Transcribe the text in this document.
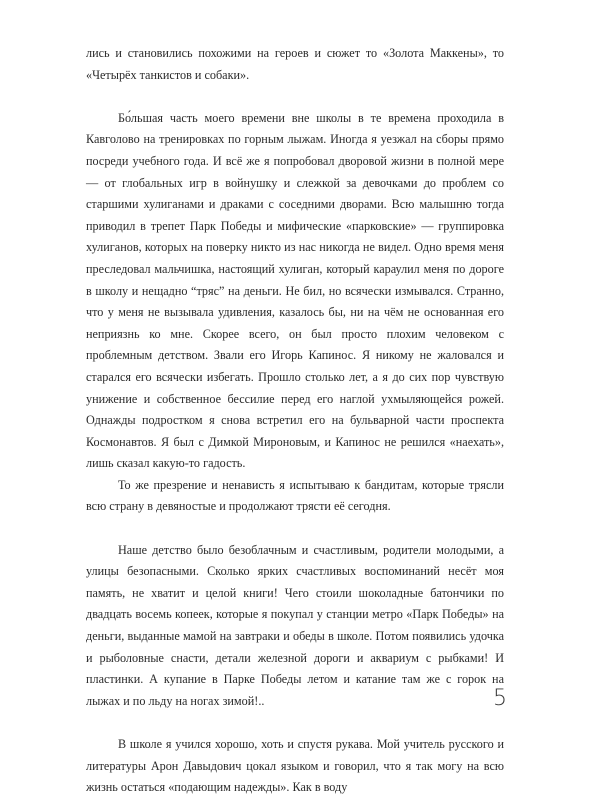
лись и становились похожими на героев и сюжет то «Золота Маккены», то «Четырёх танкистов и собаки».

Бо́льшая часть моего времени вне школы в те времена проходила в Кавголово на тренировках по горным лыжам. Иногда я уезжал на сборы прямо посреди учебного года. И всё же я попробовал дворовой жизни в полной мере — от глобальных игр в войнушку и слежкой за девочками до проблем со старшими хулиганами и драками с соседними дворами. Всю малышню тогда приводил в трепет Парк Победы и мифические «парковские» — группировка хулиганов, которых на поверку никто из нас никогда не видел. Одно время меня преследовал мальчишка, настоящий хулиган, который караулил меня по дороге в школу и нещадно “тряс” на деньги. Не бил, но всячески измывался. Странно, что у меня не вызывала удивления, казалось бы, ни на чём не основанная его неприязнь ко мне. Скорее всего, он был просто плохим человеком с проблемным детством. Звали его Игорь Капинос. Я никому не жаловался и старался его всячески избегать. Прошло столько лет, а я до сих пор чувствую унижение и собственное бессилие перед его наглой ухмыляющейся рожей. Однажды подростком я снова встретил его на бульварной части проспекта Космонавтов. Я был с Димкой Мироновым, и Капинос не решился «наехать», лишь сказал какую-то гадость.

То же презрение и ненависть я испытываю к бандитам, которые трясли всю страну в девяностые и продолжают трясти её сегодня.

Наше детство было безоблачным и счастливым, родители молодыми, а улицы безопасными. Сколько ярких счастливых воспоминаний несёт моя память, не хватит и целой книги! Чего стоили шоколадные батончики по двадцать восемь копеек, которые я покупал у станции метро «Парк Победы» на деньги, выданные мамой на завтраки и обеды в школе. Потом появились удочка и рыболовные снасти, детали железной дороги и аквариум с рыбками! И пластинки. А купание в Парке Победы летом и катание там же с горок на лыжах и по льду на ногах зимой!..

В школе я учился хорошо, хоть и спустя рукава. Мой учитель русского и литературы Арон Давыдович цокал языком и говорил, что я так могу на всю жизнь остаться «подающим надежды». Как в воду

5
